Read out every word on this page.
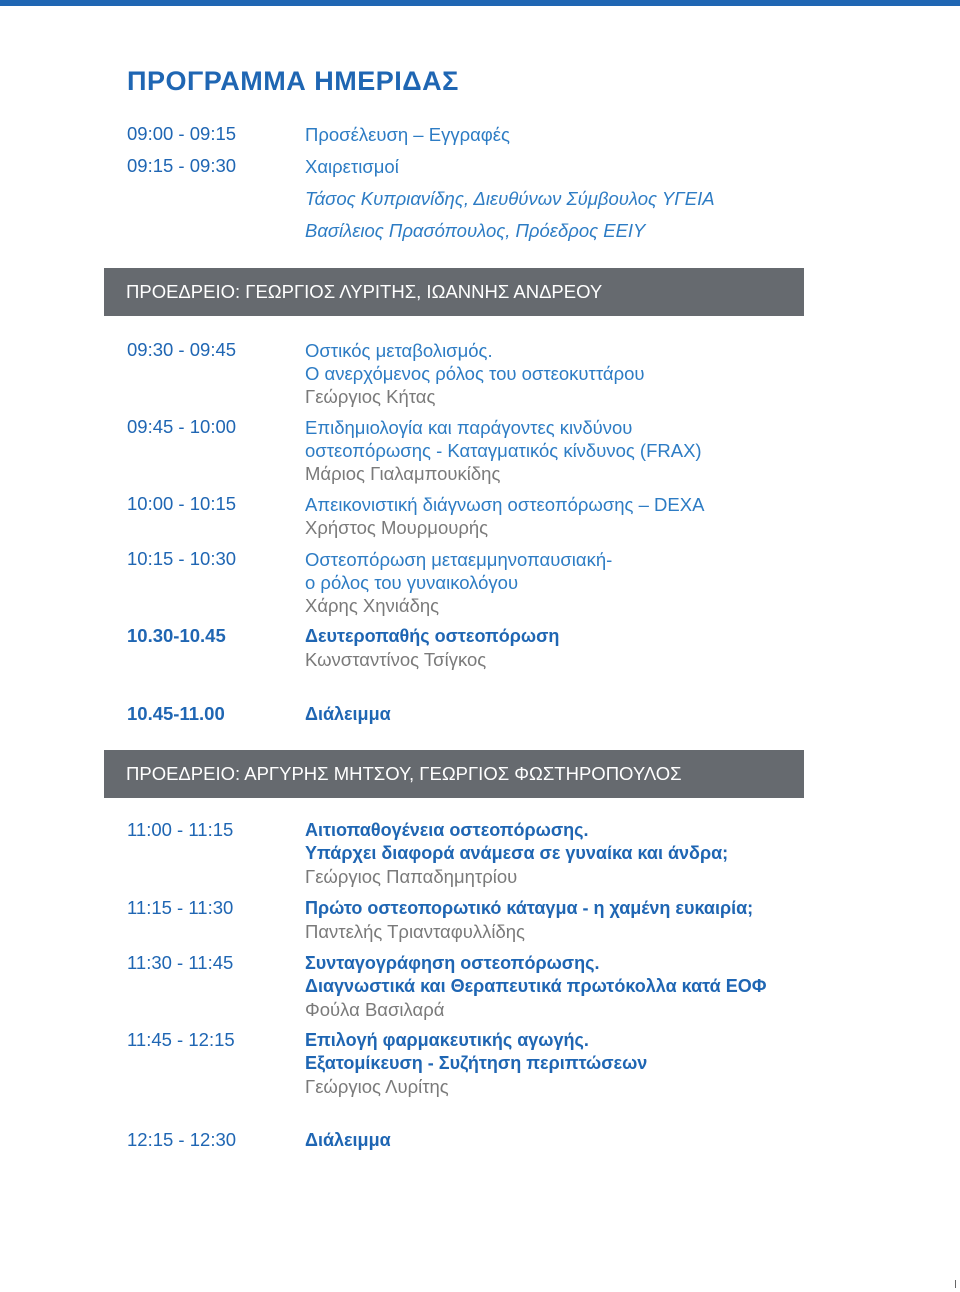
ΠΡΟΓΡΑΜΜΑ ΗΜΕΡΙΔΑΣ
09:00 - 09:15	Προσέλευση – Εγγραφές
09:15 - 09:30	Χαιρετισμοί
Τάσος Κυπριανίδης, Διευθύνων Σύμβουλος ΥΓΕΙΑ
Βασίλειος Πρασόπουλος, Πρόεδρος ΕΕΙΥ
ΠΡΟΕΔΡΕΙΟ: ΓΕΩΡΓΙΟΣ ΛΥΡΙΤΗΣ, ΙΩΑΝΝΗΣ ΑΝΔΡΕΟΥ
09:30 - 09:45	Οστικός μεταβολισμός.
Ο ανερχόμενος ρόλος του οστεοκυττάρου
Γεώργιος Κήτας
09:45 - 10:00	Επιδημιολογία και παράγοντες κινδύνου
οστεοπόρωσης - Καταγματικός κίνδυνος (FRAX)
Μάριος Γιαλαμπουκίδης
10:00 - 10:15	Απεικονιστική διάγνωση οστεοπόρωσης – DEXA
Χρήστος Μουρμουρής
10:15 - 10:30	Οστεοπόρωση μεταεμμηνοπαυσιακή-
ο ρόλος του γυναικολόγου
Χάρης Χηνιάδης
10.30-10.45	Δευτεροπαθής οστεοπόρωση
Κωνσταντίνος Τσίγκος
10.45-11.00	Διάλειμμα
ΠΡΟΕΔΡΕΙΟ: ΑΡΓΥΡΗΣ ΜΗΤΣΟΥ, ΓΕΩΡΓΙΟΣ ΦΩΣΤΗΡΟΠΟΥΛΟΣ
11:00 - 11:15	Αιτιοπαθογένεια οστεοπόρωσης.
Υπάρχει διαφορά ανάμεσα σε γυναίκα και άνδρα;
Γεώργιος Παπαδημητρίου
11:15 - 11:30	Πρώτο οστεοπορωτικό κάταγμα - η χαμένη ευκαιρία;
Παντελής Τριανταφυλλίδης
11:30 - 11:45	Συνταγογράφηση οστεοπόρωσης.
Διαγνωστικά και Θεραπευτικά πρωτόκολλα κατά ΕΟΦ
Φούλα Βασιλαρά
11:45 - 12:15	Επιλογή φαρμακευτικής αγωγής.
Εξατομίκευση - Συζήτηση περιπτώσεων
Γεώργιος Λυρίτης
12:15 - 12:30	Διάλειμμα
